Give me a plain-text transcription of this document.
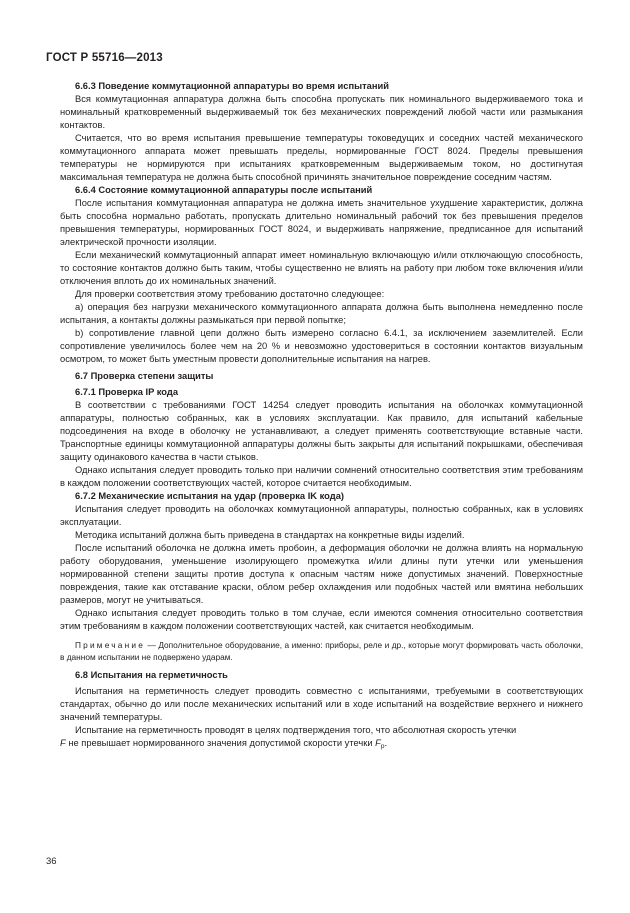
ГОСТ Р 55716—2013

6.6.3 Поведение коммутационной аппаратуры во время испытаний

Вся коммутационная аппаратура должна быть способна пропускать пик номинального выдерживаемого тока и номинальный кратковременный выдерживаемый ток без механических повреждений любой части или размыкания контактов.

Считается, что во время испытания превышение температуры токоведущих и соседних частей механического коммутационного аппарата может превышать пределы, нормированные ГОСТ 8024. Пределы превышения температуры не нормируются при испытаниях кратковременным выдерживаемым током, но достигнутая максимальная температура не должна быть способной причинять значительное повреждение соседним частям.

6.6.4 Состояние коммутационной аппаратуры после испытаний

После испытания коммутационная аппаратура не должна иметь значительное ухудшение характеристик, должна быть способна нормально работать, пропускать длительно номинальный рабочий ток без превышения пределов превышения температуры, нормированных ГОСТ 8024, и выдерживать напряжение, предписанное для испытаний электрической прочности изоляции.

Если механический коммутационный аппарат имеет номинальную включающую и/или отключающую способность, то состояние контактов должно быть таким, чтобы существенно не влиять на работу при любом токе включения и/или отключения вплоть до их номинальных значений.

Для проверки соответствия этому требованию достаточно следующее:

a) операция без нагрузки механического коммутационного аппарата должна быть выполнена немедленно после испытания, а контакты должны размыкаться при первой попытке;

b) сопротивление главной цепи должно быть измерено согласно 6.4.1, за исключением заземлителей. Если сопротивление увеличилось более чем на 20 % и невозможно удостовериться в состоянии контактов визуальным осмотром, то может быть уместным провести дополнительные испытания на нагрев.

6.7 Проверка степени защиты

6.7.1 Проверка IP кода

В соответствии с требованиями ГОСТ 14254 следует проводить испытания на оболочках коммутационной аппаратуры, полностью собранных, как в условиях эксплуатации. Как правило, для испытаний кабельные подсоединения на входе в оболочку не устанавливают, а следует применять соответствующие вставные части. Транспортные единицы коммутационной аппаратуры должны быть закрыты для испытаний покрышками, обеспечивая защиту одинакового качества в части стыков.

Однако испытания следует проводить только при наличии сомнений относительно соответствия этим требованиям в каждом положении соответствующих частей, которое считается необходимым.

6.7.2 Механические испытания на удар (проверка IK кода)

Испытания следует проводить на оболочках коммутационной аппаратуры, полностью собранных, как в условиях эксплуатации.

Методика испытаний должна быть приведена в стандартах на конкретные виды изделий.

После испытаний оболочка не должна иметь пробоин, а деформация оболочки не должна влиять на нормальную работу оборудования, уменьшение изолирующего промежутка и/или длины пути утечки или уменьшения нормированной степени защиты против доступа к опасным частям ниже допустимых значений. Поверхностные повреждения, такие как отставание краски, облом ребер охлаждения или подобных частей или вмятина небольших размеров, могут не учитываться.

Однако испытания следует проводить только в том случае, если имеются сомнения относительно соответствия этим требованиям в каждом положении соответствующих частей, как считается необходимым.

Примечание — Дополнительное оборудование, а именно: приборы, реле и др., которые могут формировать часть оболочки, в данном испытании не подвержено ударам.

6.8 Испытания на герметичность

Испытания на герметичность следует проводить совместно с испытаниями, требуемыми в соответствующих стандартах, обычно до или после механических испытаний или в ходе испытаний на воздействие верхнего и нижнего значений температуры.

Испытание на герметичность проводят в целях подтверждения того, что абсолютная скорость утечки

F не превышает нормированного значения допустимой скорости утечки $F_p$.

36
